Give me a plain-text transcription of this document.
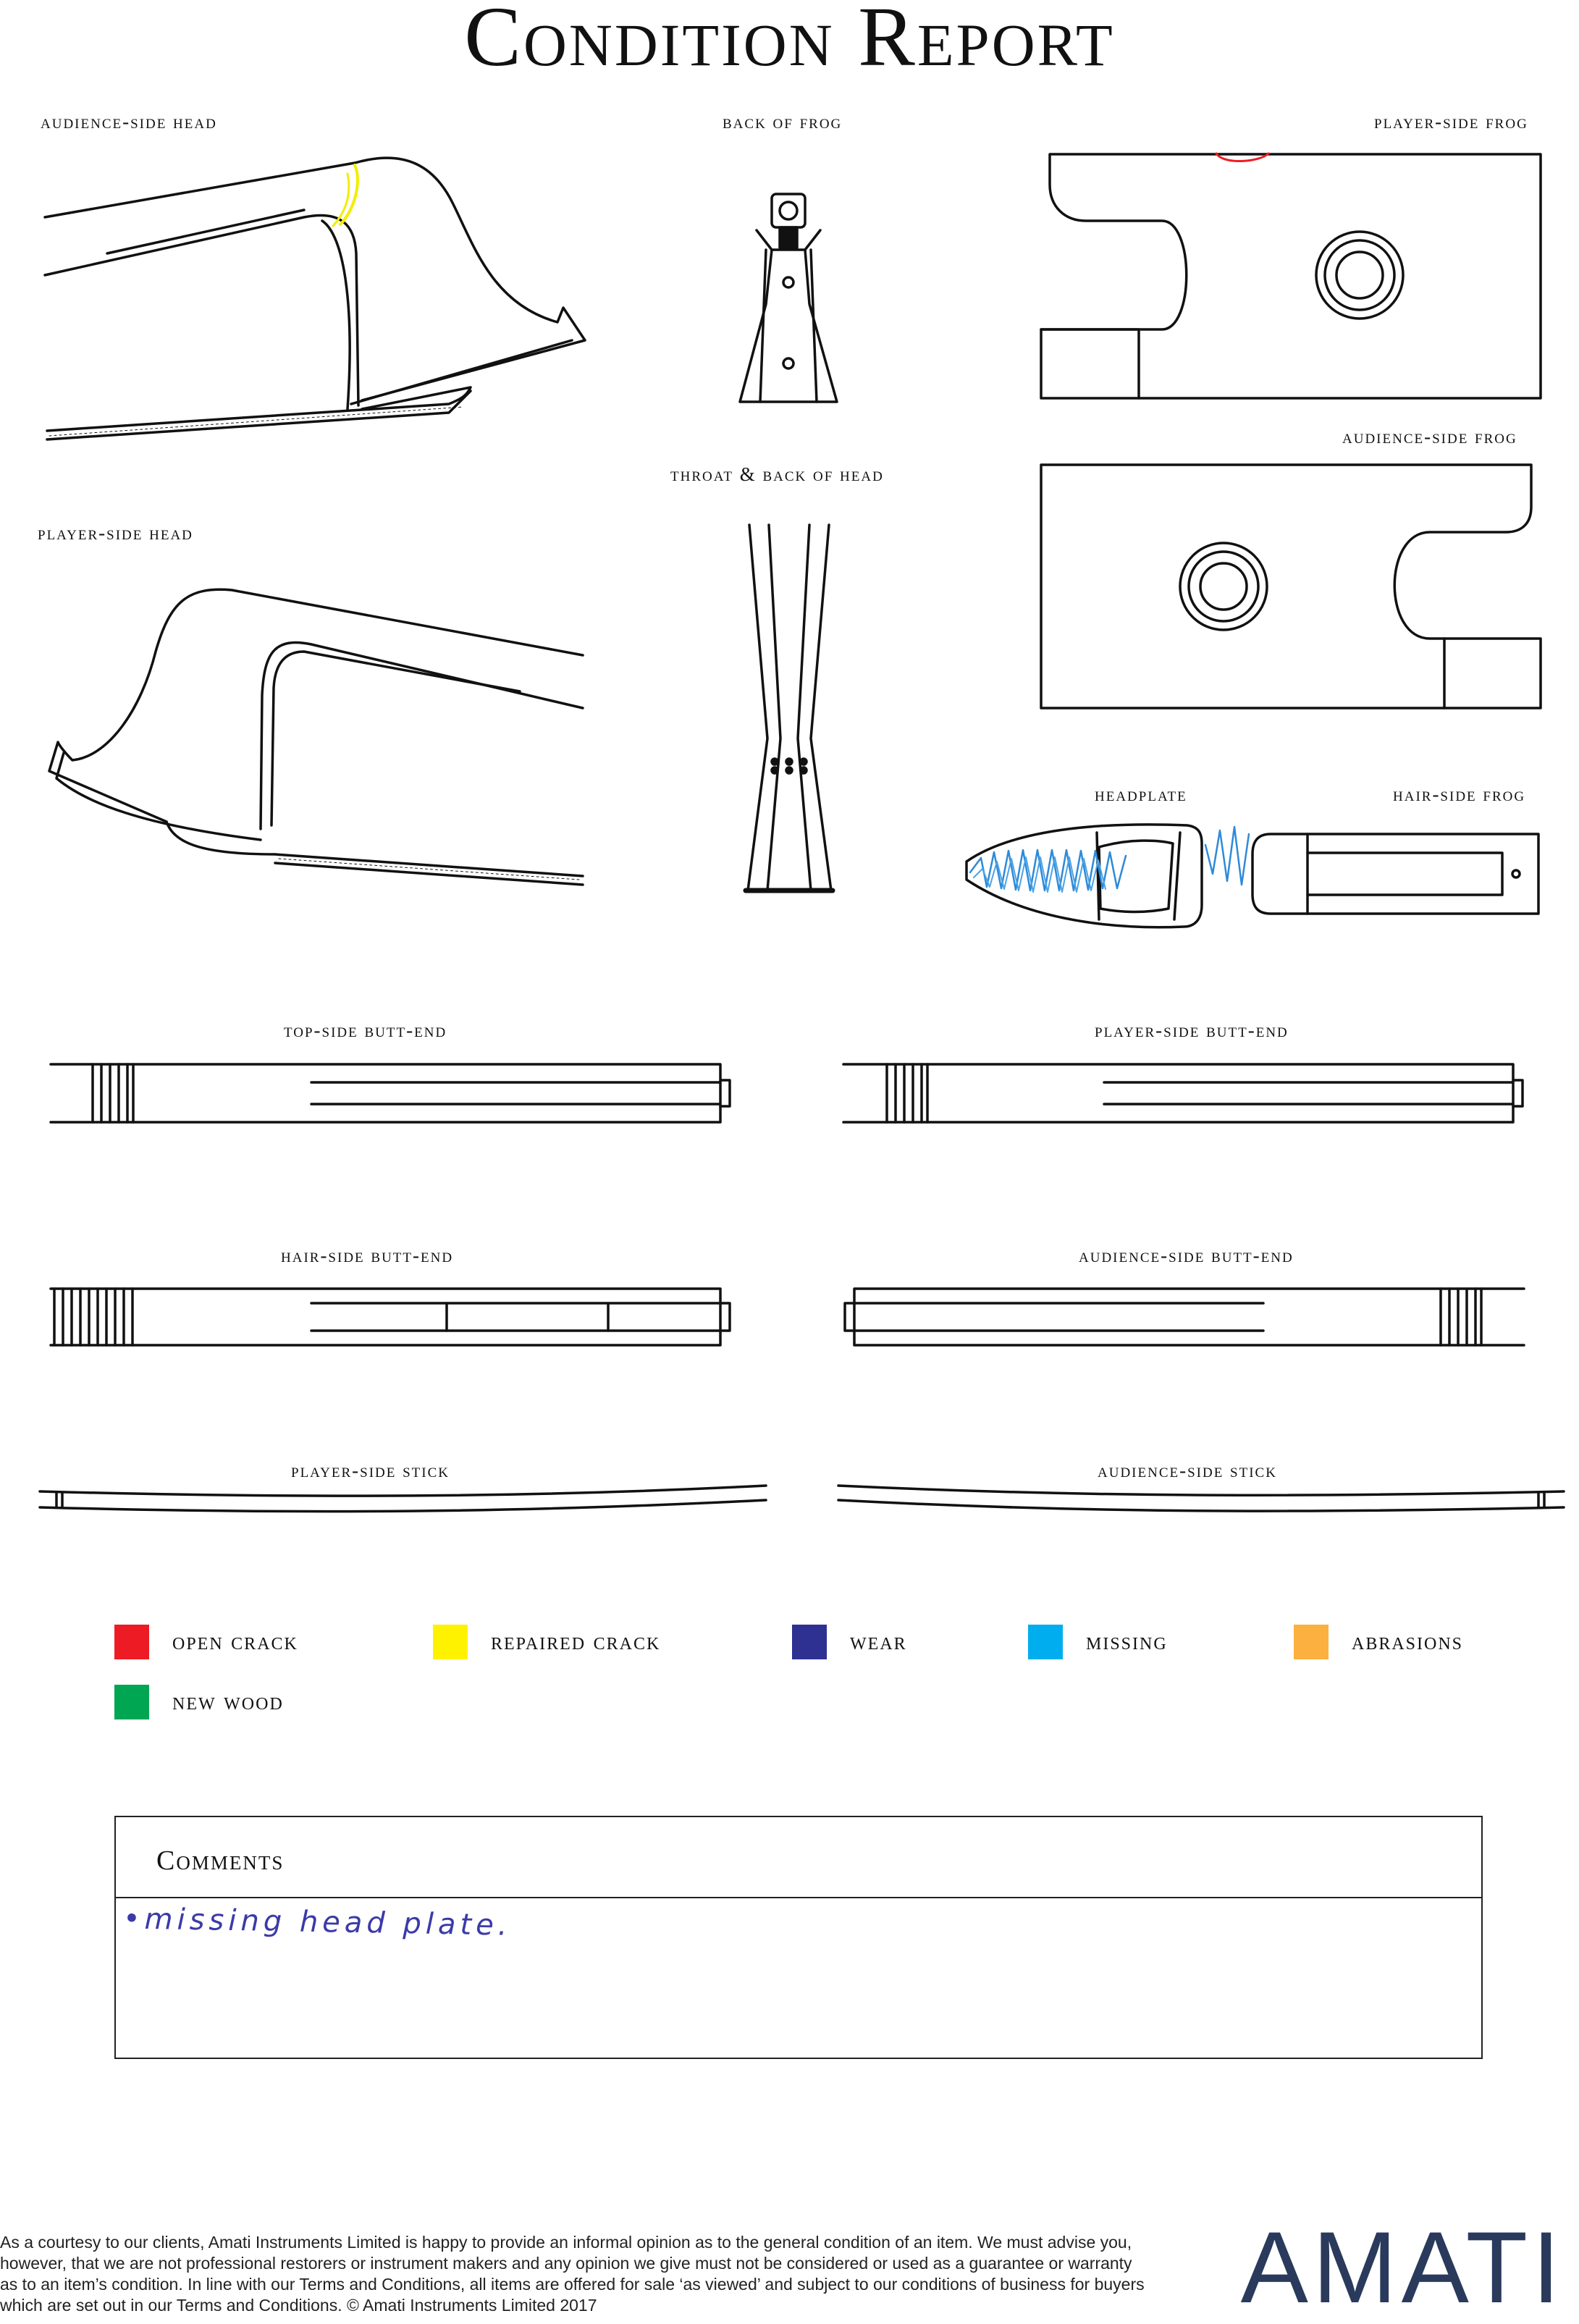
Condition Report
audience-side head	back of frog	player-side frog
audience-side frog
throat & back of head
player-side head
headplate	hair-side frog
top-side butt-end	player-side butt-end
hair-side butt-end	audience-side butt-end
player-side stick	audience-side stick
open crack	repaired crack	wear	missing	abrasions
new wood
Comments
•missing head plate.
As a courtesy to our clients, Amati Instruments Limited is happy to provide an informal opinion as to the general condition of an item. We must advise you, however, that we are not professional restorers or instrument makers and any opinion we give must not be considered or used as a guarantee or warranty as to an item’s condition. In line with our Terms and Conditions, all items are offered for sale ‘as viewed’ and subject to our conditions of business for buyers which are set out in our Terms and Conditions. © Amati Instruments Limited 2017	AMATI
